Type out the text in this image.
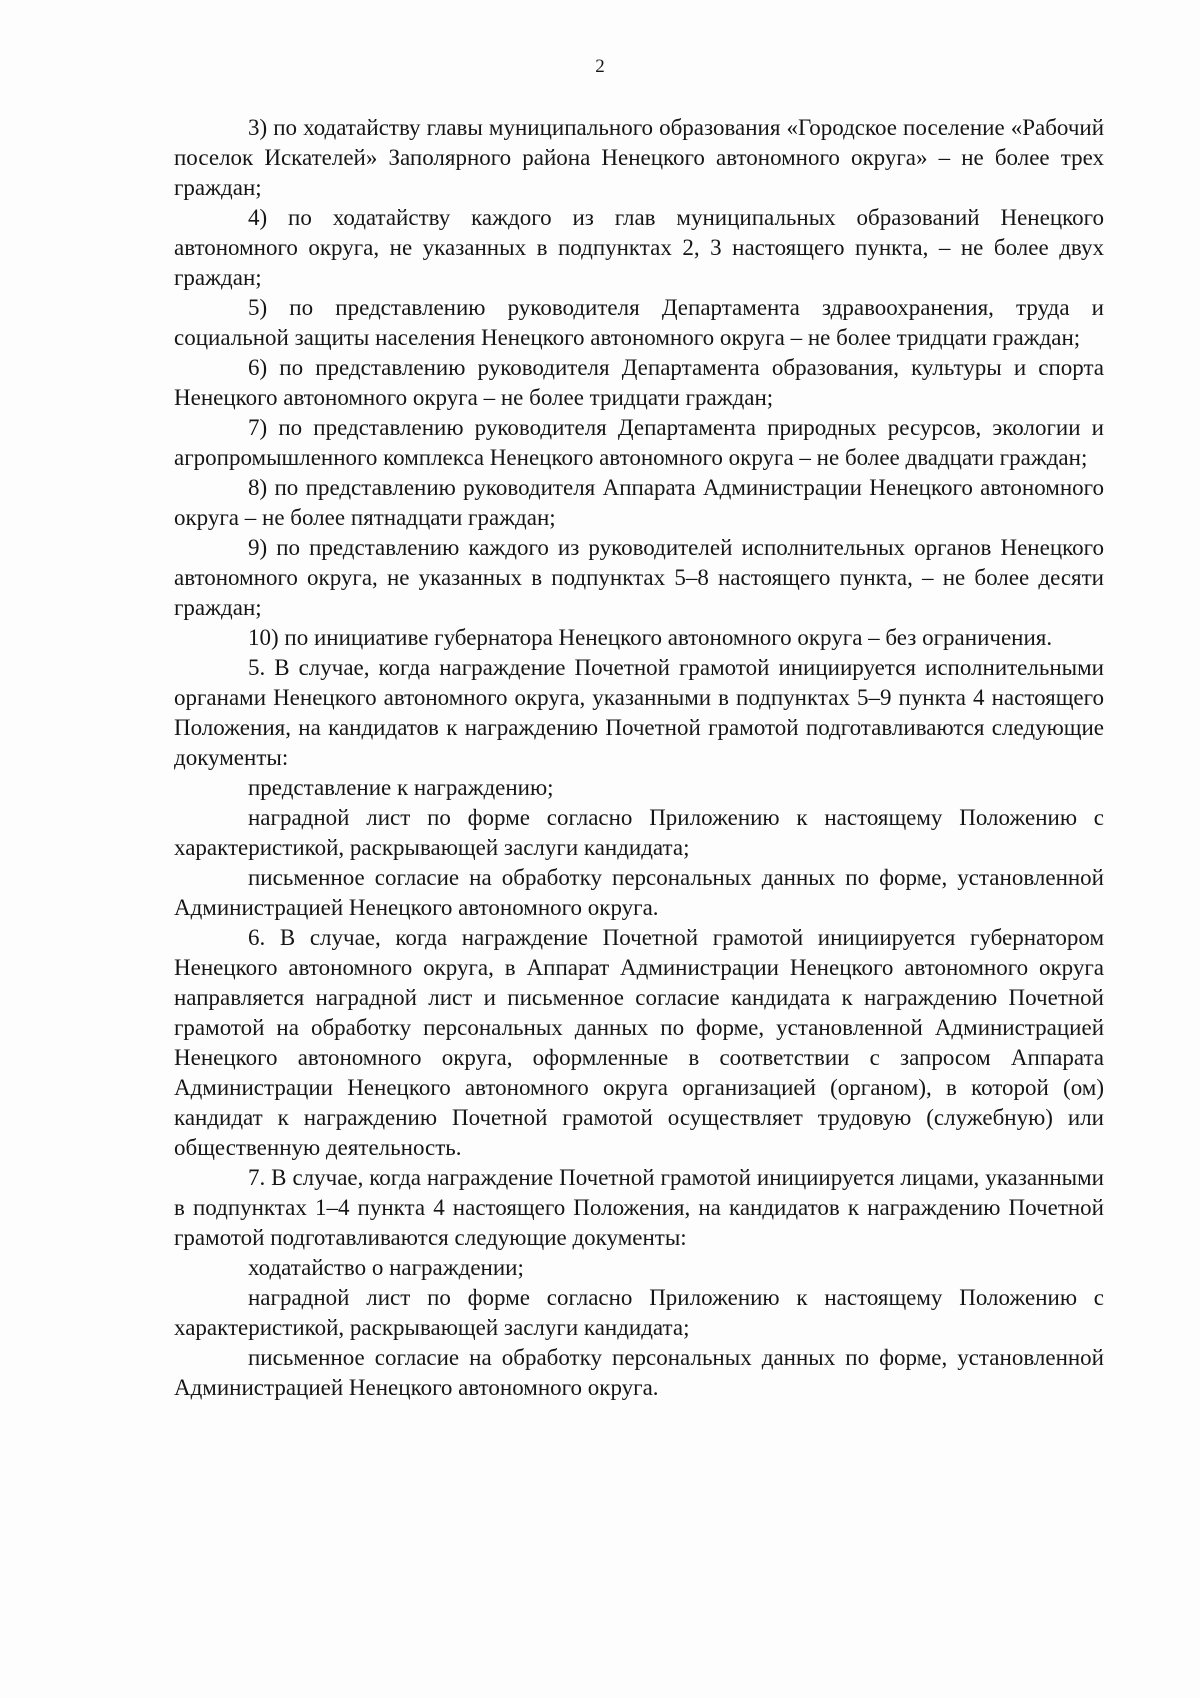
2

3) по ходатайству главы муниципального образования «Городское поселение «Рабочий поселок Искателей» Заполярного района Ненецкого автономного округа» – не более трех граждан;

4) по ходатайству каждого из глав муниципальных образований Ненецкого автономного округа, не указанных в подпунктах 2, 3 настоящего пункта, – не более двух граждан;

5) по представлению руководителя Департамента здравоохранения, труда и социальной защиты населения Ненецкого автономного округа – не более тридцати граждан;

6) по представлению руководителя Департамента образования, культуры и спорта Ненецкого автономного округа – не более тридцати граждан;

7) по представлению руководителя Департамента природных ресурсов, экологии и агропромышленного комплекса Ненецкого автономного округа – не более двадцати граждан;

8) по представлению руководителя Аппарата Администрации Ненецкого автономного округа – не более пятнадцати граждан;

9) по представлению каждого из руководителей исполнительных органов Ненецкого автономного округа, не указанных в подпунктах 5–8 настоящего пункта, – не более десяти граждан;

10) по инициативе губернатора Ненецкого автономного округа – без ограничения.

5. В случае, когда награждение Почетной грамотой инициируется исполнительными органами Ненецкого автономного округа, указанными в подпунктах 5–9 пункта 4 настоящего Положения, на кандидатов к награждению Почетной грамотой подготавливаются следующие документы:

представление к награждению;

наградной лист по форме согласно Приложению к настоящему Положению с характеристикой, раскрывающей заслуги кандидата;

письменное согласие на обработку персональных данных по форме, установленной Администрацией Ненецкого автономного округа.

6. В случае, когда награждение Почетной грамотой инициируется губернатором Ненецкого автономного округа, в Аппарат Администрации Ненецкого автономного округа направляется наградной лист и письменное согласие кандидата к награждению Почетной грамотой на обработку персональных данных по форме, установленной Администрацией Ненецкого автономного округа, оформленные в соответствии с запросом Аппарата Администрации Ненецкого автономного округа организацией (органом), в которой (ом) кандидат к награждению Почетной грамотой осуществляет трудовую (служебную) или общественную деятельность.

7. В случае, когда награждение Почетной грамотой инициируется лицами, указанными в подпунктах 1–4 пункта 4 настоящего Положения, на кандидатов к награждению Почетной грамотой подготавливаются следующие документы:

ходатайство о награждении;

наградной лист по форме согласно Приложению к настоящему Положению с характеристикой, раскрывающей заслуги кандидата;

письменное согласие на обработку персональных данных по форме, установленной Администрацией Ненецкого автономного округа.
